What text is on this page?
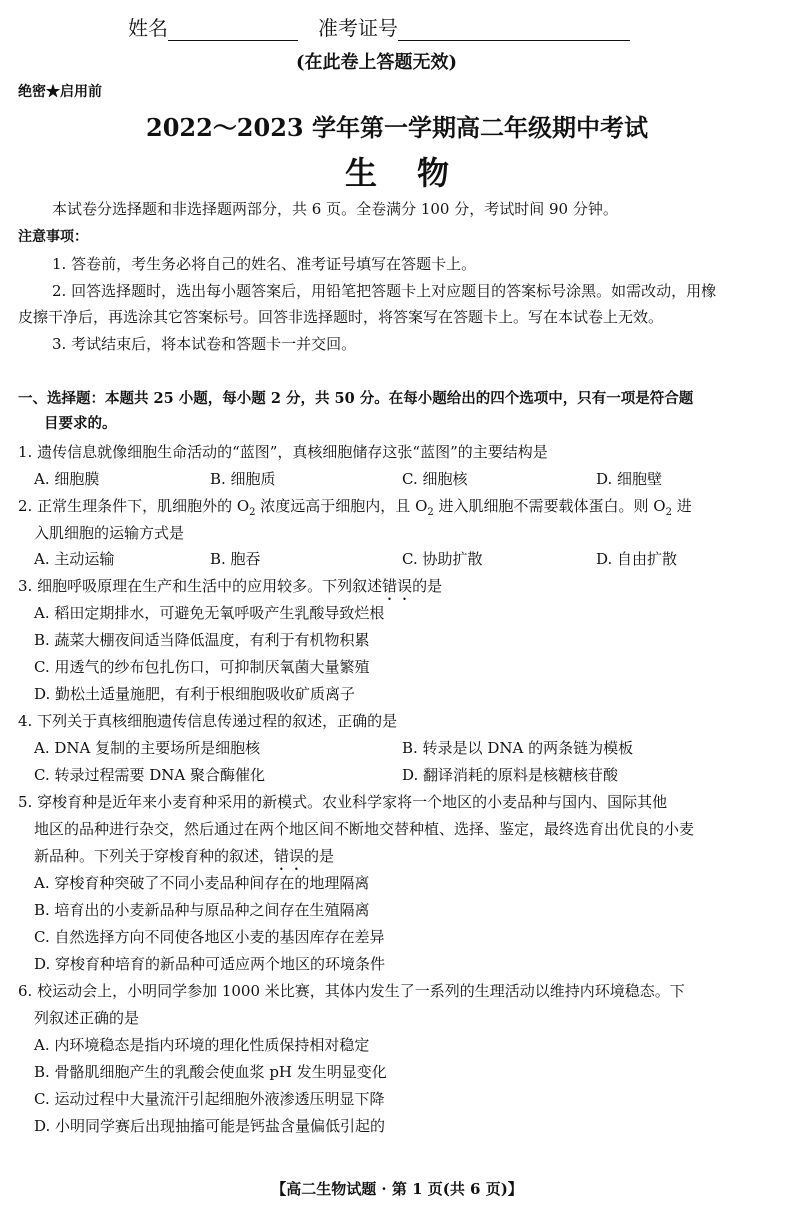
姓名	准考证号
(在此卷上答题无效)
绝密★启用前
2022～2023 学年第一学期高二年级期中考试
生物
本试卷分选择题和非选择题两部分，共 6 页。全卷满分 100 分，考试时间 90 分钟。
注意事项：
1. 答卷前，考生务必将自己的姓名、准考证号填写在答题卡上。
2. 回答选择题时，选出每小题答案后，用铅笔把答题卡上对应题目的答案标号涂黑。如需改动，用橡
皮擦干净后，再选涂其它答案标号。回答非选择题时，将答案写在答题卡上。写在本试卷上无效。
3. 考试结束后，将本试卷和答题卡一并交回。
一、选择题：本题共 25 小题，每小题 2 分，共 50 分。在每小题给出的四个选项中，只有一项是符合题
目要求的。
1. 遗传信息就像细胞生命活动的“蓝图”，真核细胞储存这张“蓝图”的主要结构是
A. 细胞膜	B. 细胞质	C. 细胞核	D. 细胞壁
2. 正常生理条件下，肌细胞外的 $O_2$ 浓度远高于细胞内，且 $O_2$ 进入肌细胞不需要载体蛋白。则 $O_2$ 进
入肌细胞的运输方式是
A. 主动运输	B. 胞吞	C. 协助扩散	D. 自由扩散
3. 细胞呼吸原理在生产和生活中的应用较多。下列叙述错误的是
A. 稻田定期排水，可避免无氧呼吸产生乳酸导致烂根
B. 蔬菜大棚夜间适当降低温度，有利于有机物积累
C. 用透气的纱布包扎伤口，可抑制厌氧菌大量繁殖
D. 勤松土适量施肥，有利于根细胞吸收矿质离子
4. 下列关于真核细胞遗传信息传递过程的叙述，正确的是
A. DNA 复制的主要场所是细胞核	B. 转录是以 DNA 的两条链为模板
C. 转录过程需要 DNA 聚合酶催化	D. 翻译消耗的原料是核糖核苷酸
5. 穿梭育种是近年来小麦育种采用的新模式。农业科学家将一个地区的小麦品种与国内、国际其他
地区的品种进行杂交，然后通过在两个地区间不断地交替种植、选择、鉴定，最终选育出优良的小麦
新品种。下列关于穿梭育种的叙述，错误的是
A. 穿梭育种突破了不同小麦品种间存在的地理隔离
B. 培育出的小麦新品种与原品种之间存在生殖隔离
C. 自然选择方向不同使各地区小麦的基因库存在差异
D. 穿梭育种培育的新品种可适应两个地区的环境条件
6. 校运动会上，小明同学参加 1000 米比赛，其体内发生了一系列的生理活动以维持内环境稳态。下
列叙述正确的是
A. 内环境稳态是指内环境的理化性质保持相对稳定
B. 骨骼肌细胞产生的乳酸会使血浆 pH 发生明显变化
C. 运动过程中大量流汗引起细胞外液渗透压明显下降
D. 小明同学赛后出现抽搐可能是钙盐含量偏低引起的
【高二生物试题 · 第 1 页(共 6 页)】
